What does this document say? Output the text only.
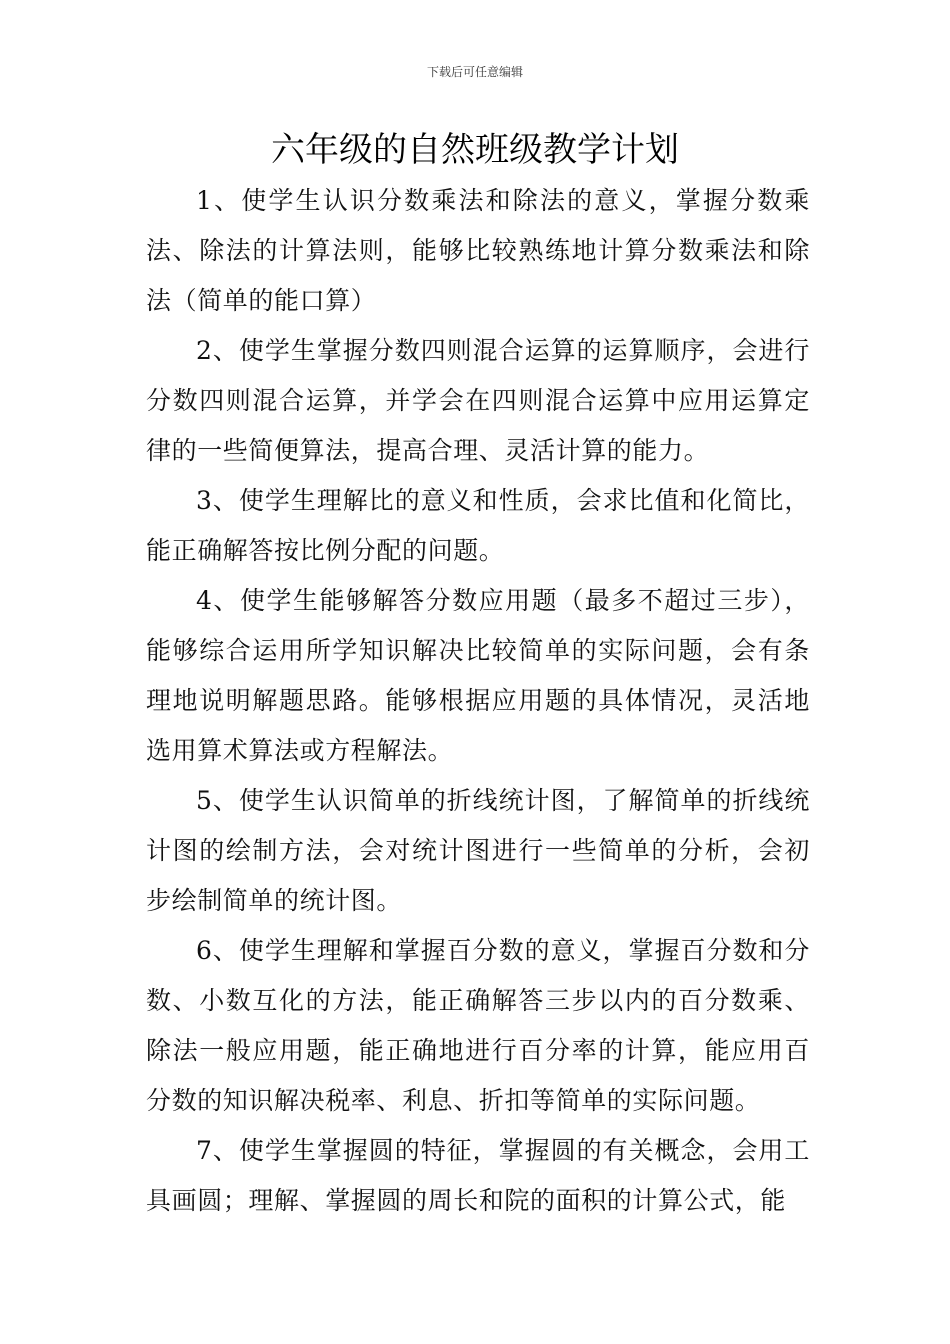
下载后可任意编辑
六年级的自然班级教学计划

1、使学生认识分数乘法和除法的意义，掌握分数乘法、除法的计算法则，能够比较熟练地计算分数乘法和除法（简单的能口算）

2、使学生掌握分数四则混合运算的运算顺序，会进行分数四则混合运算，并学会在四则混合运算中应用运算定律的一些简便算法，提高合理、灵活计算的能力。

3、使学生理解比的意义和性质，会求比值和化简比，能正确解答按比例分配的问题。

4、使学生能够解答分数应用题（最多不超过三步），能够综合运用所学知识解决比较简单的实际问题，会有条理地说明解题思路。能够根据应用题的具体情况，灵活地选用算术算法或方程解法。

5、使学生认识简单的折线统计图，了解简单的折线统计图的绘制方法，会对统计图进行一些简单的分析，会初步绘制简单的统计图。

6、使学生理解和掌握百分数的意义，掌握百分数和分数、小数互化的方法，能正确解答三步以内的百分数乘、除法一般应用题，能正确地进行百分率的计算，能应用百分数的知识解决税率、利息、折扣等简单的实际问题。

7、使学生掌握圆的特征，掌握圆的有关概念，会用工具画圆；理解、掌握圆的周长和院的面积的计算公式，能
